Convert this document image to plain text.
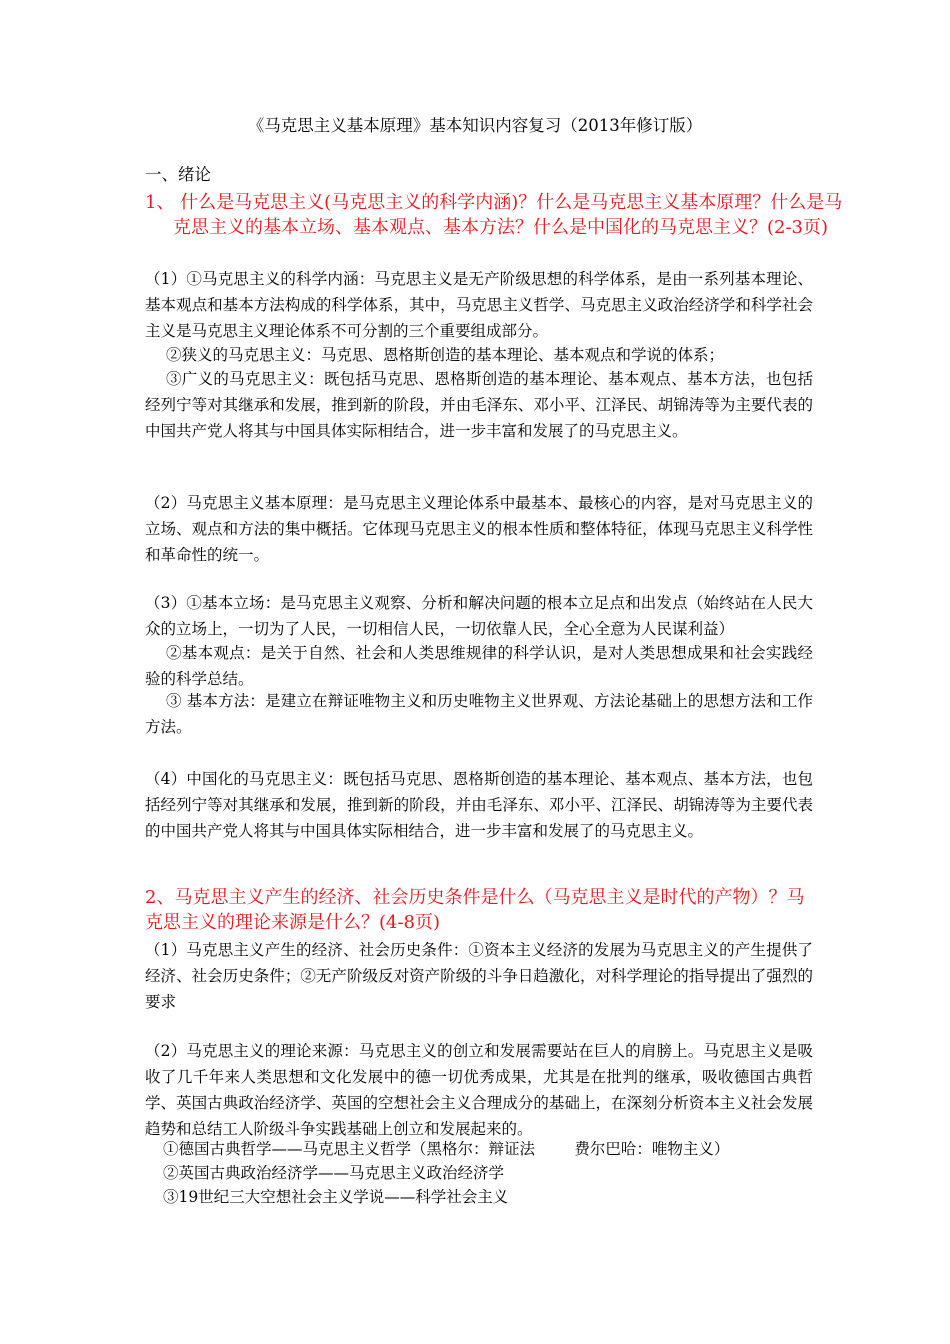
《马克思主义基本原理》基本知识内容复习（2013年修订版）
一、绪论
1、 什么是马克思主义(马克思主义的科学内涵)？什么是马克思主义基本原理？什么是马克思主义的基本立场、基本观点、基本方法？什么是中国化的马克思主义？(2-3页)
（1）①马克思主义的科学内涵：马克思主义是无产阶级思想的科学体系，是由一系列基本理论、基本观点和基本方法构成的科学体系，其中，马克思主义哲学、马克思主义政治经济学和科学社会主义是马克思主义理论体系不可分割的三个重要组成部分。
②狭义的马克思主义：马克思、恩格斯创造的基本理论、基本观点和学说的体系；
③广义的马克思主义：既包括马克思、恩格斯创造的基本理论、基本观点、基本方法，也包括经列宁等对其继承和发展，推到新的阶段，并由毛泽东、邓小平、江泽民、胡锦涛等为主要代表的中国共产党人将其与中国具体实际相结合，进一步丰富和发展了的马克思主义。
（2）马克思主义基本原理：是马克思主义理论体系中最基本、最核心的内容，是对马克思主义的立场、观点和方法的集中概括。它体现马克思主义的根本性质和整体特征，体现马克思主义科学性和革命性的统一。
（3）①基本立场：是马克思主义观察、分析和解决问题的根本立足点和出发点（始终站在人民大众的立场上，一切为了人民，一切相信人民，一切依靠人民，全心全意为人民谋利益）
②基本观点：是关于自然、社会和人类思维规律的科学认识，是对人类思想成果和社会实践经验的科学总结。
③ 基本方法：是建立在辩证唯物主义和历史唯物主义世界观、方法论基础上的思想方法和工作方法。
（4）中国化的马克思主义：既包括马克思、恩格斯创造的基本理论、基本观点、基本方法，也包括经列宁等对其继承和发展，推到新的阶段，并由毛泽东、邓小平、江泽民、胡锦涛等为主要代表的中国共产党人将其与中国具体实际相结合，进一步丰富和发展了的马克思主义。
2、马克思主义产生的经济、社会历史条件是什么（马克思主义是时代的产物）？马克思主义的理论来源是什么？(4-8页)
（1）马克思主义产生的经济、社会历史条件：①资本主义经济的发展为马克思主义的产生提供了经济、社会历史条件；②无产阶级反对资产阶级的斗争日趋激化，对科学理论的指导提出了强烈的要求
（2）马克思主义的理论来源：马克思主义的创立和发展需要站在巨人的肩膀上。马克思主义是吸收了几千年来人类思想和文化发展中的德一切优秀成果，尤其是在批判的继承，吸收德国古典哲学、英国古典政治经济学、英国的空想社会主义合理成分的基础上，在深刻分析资本主义社会发展趋势和总结工人阶级斗争实践基础上创立和发展起来的。
①德国古典哲学——马克思主义哲学（黑格尔：辩证法        费尔巴哈：唯物主义）
②英国古典政治经济学——马克思主义政治经济学
③19世纪三大空想社会主义学说——科学社会主义
